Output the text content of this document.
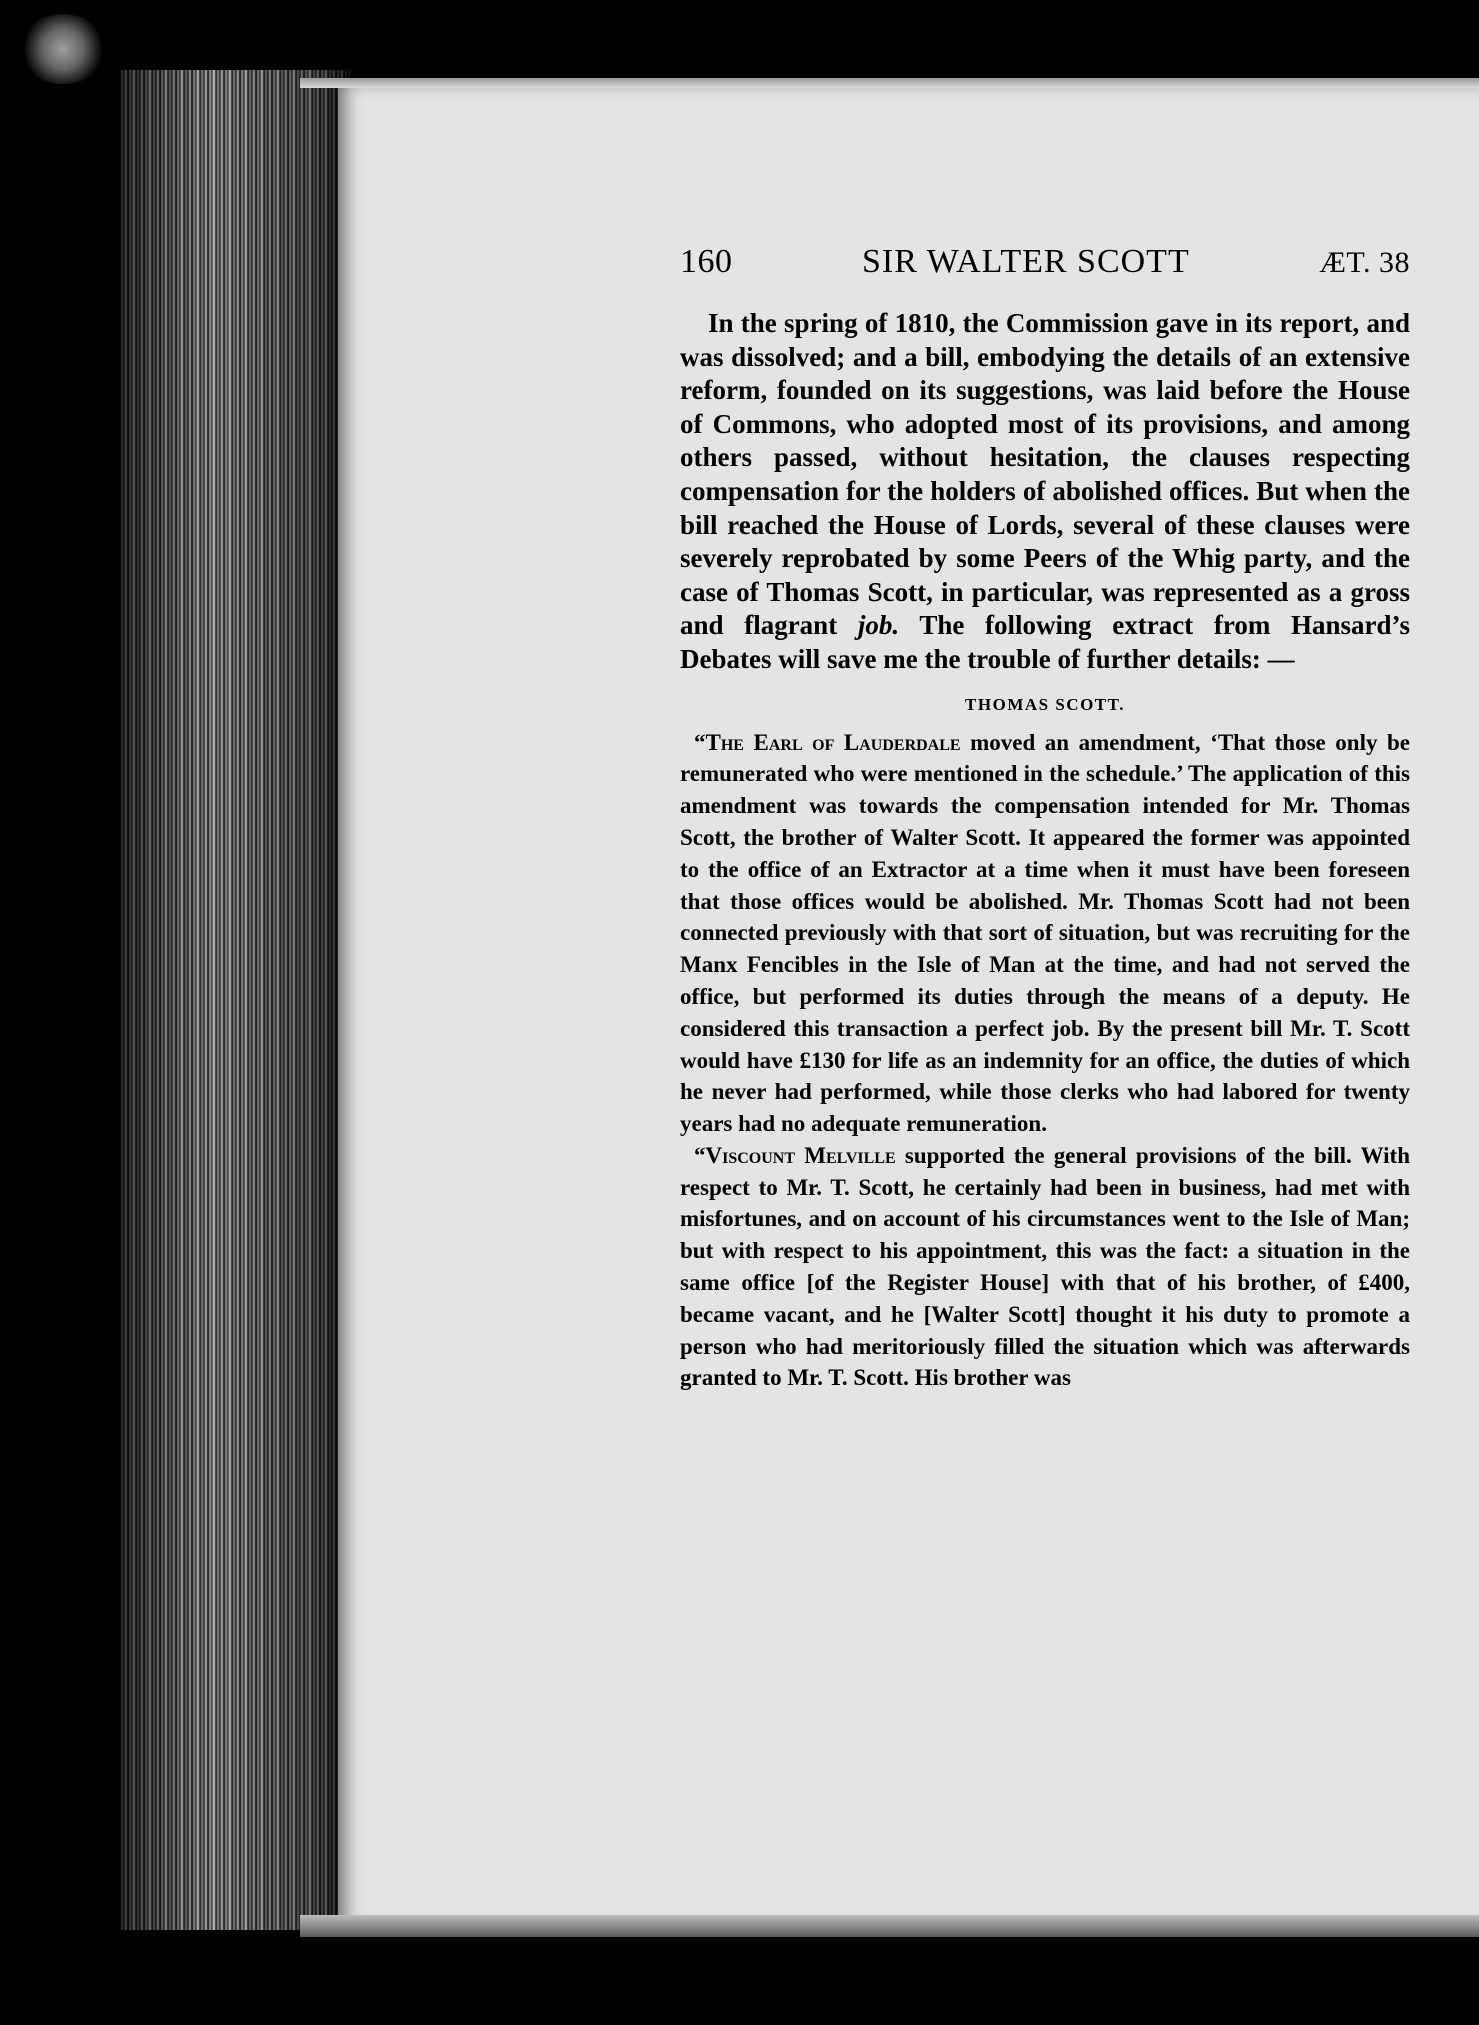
160	SIR WALTER SCOTT	ÆT. 38

In the spring of 1810, the Commission gave in its report, and was dissolved; and a bill, embodying the details of an extensive reform, founded on its suggestions, was laid before the House of Commons, who adopted most of its provisions, and among others passed, without hesitation, the clauses respecting compensation for the holders of abolished offices. But when the bill reached the House of Lords, several of these clauses were severely reprobated by some Peers of the Whig party, and the case of Thomas Scott, in particular, was represented as a gross and flagrant job. The following extract from Hansard’s Debates will save me the trouble of further details: —

THOMAS SCOTT.

“The Earl of Lauderdale moved an amendment, ‘That those only be remunerated who were mentioned in the schedule.’ The application of this amendment was towards the compensation intended for Mr. Thomas Scott, the brother of Walter Scott. It appeared the former was appointed to the office of an Extractor at a time when it must have been foreseen that those offices would be abolished. Mr. Thomas Scott had not been connected previously with that sort of situation, but was recruiting for the Manx Fencibles in the Isle of Man at the time, and had not served the office, but performed its duties through the means of a deputy. He considered this transaction a perfect job. By the present bill Mr. T. Scott would have £130 for life as an indemnity for an office, the duties of which he never had performed, while those clerks who had labored for twenty years had no adequate remuneration.

“Viscount Melville supported the general provisions of the bill. With respect to Mr. T. Scott, he certainly had been in business, had met with misfortunes, and on account of his circumstances went to the Isle of Man; but with respect to his appointment, this was the fact: a situation in the same office [of the Register House] with that of his brother, of £400, became vacant, and he [Walter Scott] thought it his duty to promote a person who had meritoriously filled the situation which was afterwards granted to Mr. T. Scott. His brother was
